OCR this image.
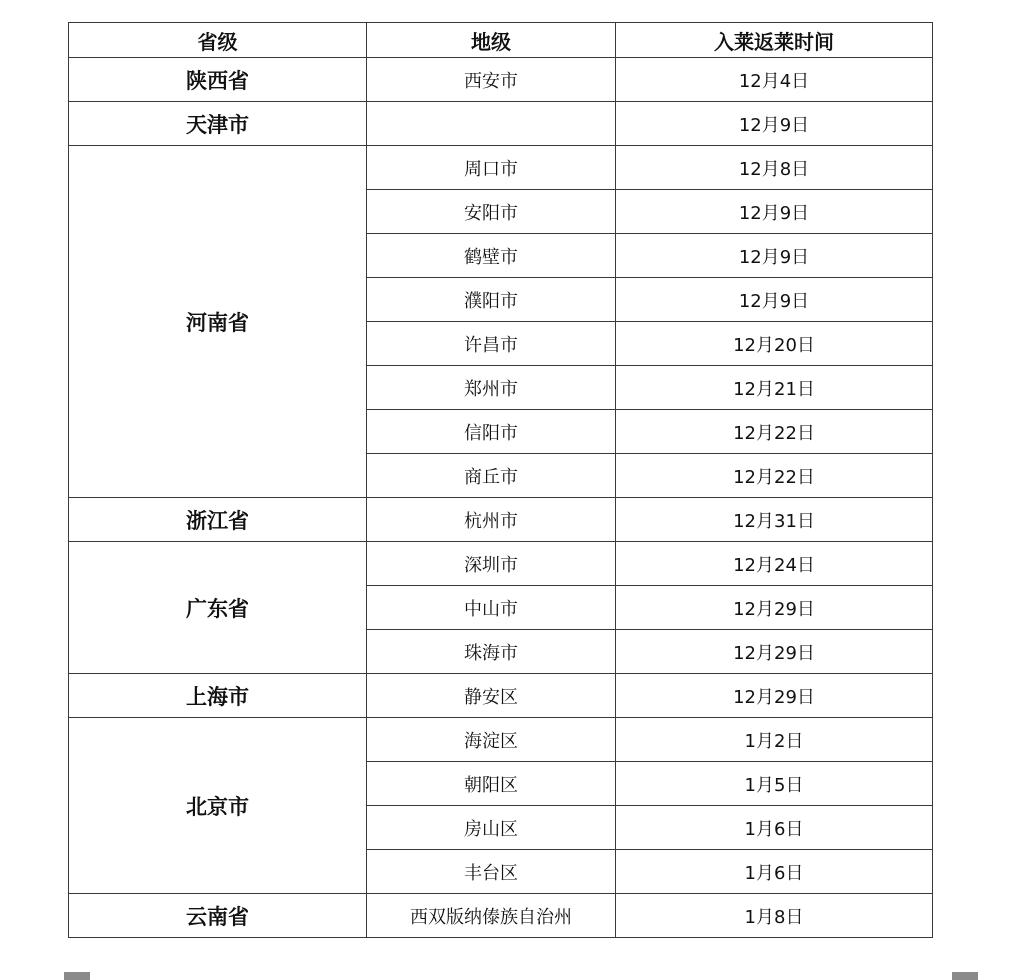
省级	地级	入莱返莱时间
陕西省	西安市	12月4日
天津市		12月9日
河南省	周口市	12月8日
	安阳市	12月9日
	鹤壁市	12月9日
	濮阳市	12月9日
	许昌市	12月20日
	郑州市	12月21日
	信阳市	12月22日
	商丘市	12月22日
浙江省	杭州市	12月31日
广东省	深圳市	12月24日
	中山市	12月29日
	珠海市	12月29日
上海市	静安区	12月29日
北京市	海淀区	1月2日
	朝阳区	1月5日
	房山区	1月6日
	丰台区	1月6日
云南省	西双版纳傣族自治州	1月8日
